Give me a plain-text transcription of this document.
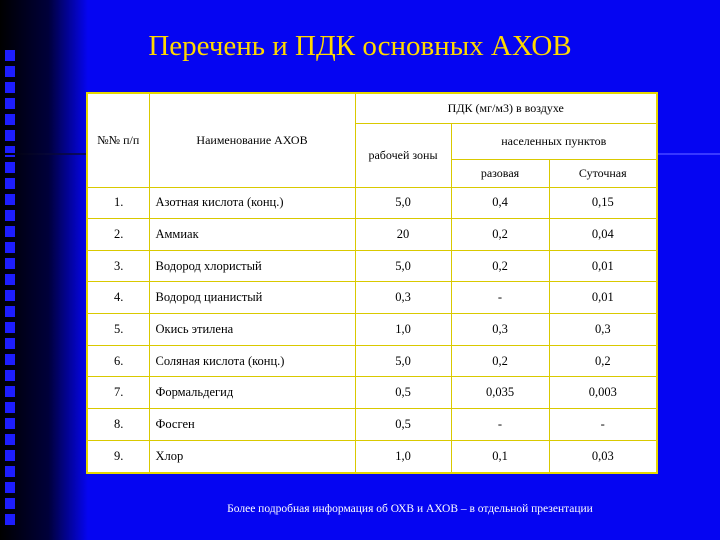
Перечень и ПДК основных АХОВ
№№ п/п	Наименование АХОВ	ПДК (мг/м3) в воздухе		
		рабочей зоны	населенных пунктов	
			разовая	Суточная
1.	Азотная кислота (конц.)	5,0	0,4	0,15
2.	Аммиак	20	0,2	0,04
3.	Водород хлористый	5,0	0,2	0,01
4.	Водород цианистый	0,3	-	0,01
5.	Окись этилена	1,0	0,3	0,3
6.	Соляная кислота (конц.)	5,0	0,2	0,2
7.	Формальдегид	0,5	0,035	0,003
8.	Фосген	0,5	-	-
9.	Хлор	1,0	0,1	0,03
Более подробная информация об ОХВ и АХОВ – в отдельной презентации
